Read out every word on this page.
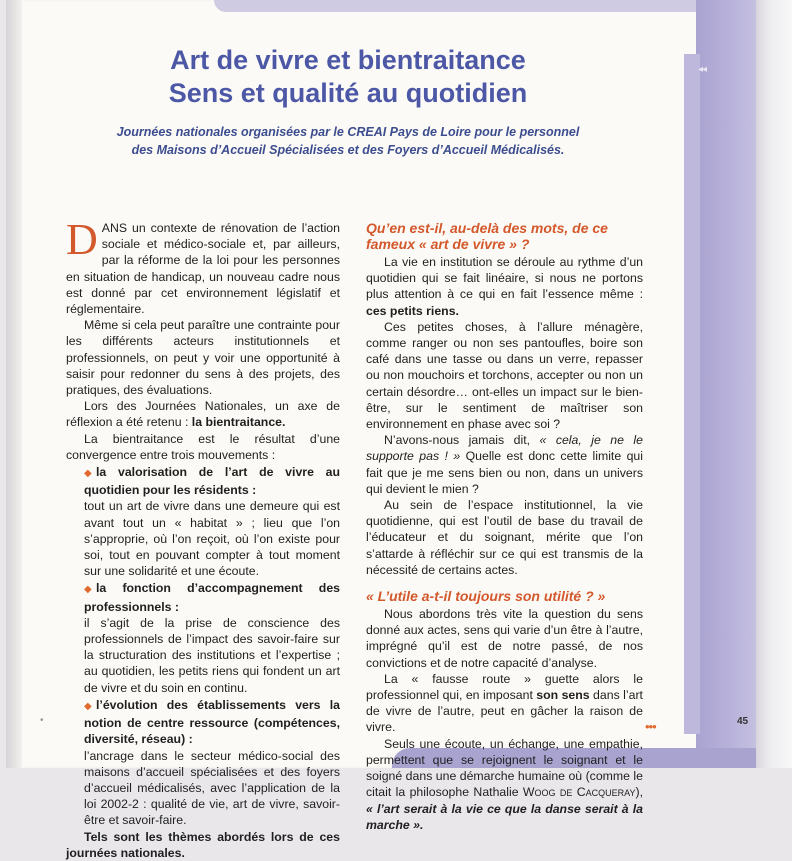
◂◂
•
Art de vivre et bientraitance
Sens et qualité au quotidien
Journées nationales organisées par le CREAI Pays de Loire pour le personnel
des Maisons d’Accueil Spécialisées et des Foyers d’Accueil Médicalisés.

DANS un contexte de rénovation de l’action sociale et médico-sociale et, par ailleurs, par la réforme de la loi pour les personnes en situation de handicap, un nouveau cadre nous est donné par cet environnement législatif et réglementaire.

Même si cela peut paraître une contrainte pour les différents acteurs institutionnels et professionnels, on peut y voir une opportunité à saisir pour redonner du sens à des projets, des pratiques, des évaluations.

Lors des Journées Nationales, un axe de réflexion a été retenu : la bientraitance.

La bientraitance est le résultat d’une convergence entre trois mouvements :

◆ la valorisation de l’art de vivre au quotidien pour les résidents :

tout un art de vivre dans une demeure qui est avant tout un « habitat » ; lieu que l’on s’approprie, où l’on reçoit, où l’on existe pour soi, tout en pouvant compter à tout moment sur une solidarité et une écoute.

◆ la fonction d’accompagnement des professionnels :

il s’agit de la prise de conscience des professionnels de l’impact des savoir-faire sur la structuration des institutions et l’expertise ; au quotidien, les petits riens qui fondent un art de vivre et du soin en continu.

◆ l’évolution des établissements vers la notion de centre ressource (compétences, diversité, réseau) :

l’ancrage dans le secteur médico-social des maisons d’accueil spécialisées et des foyers d’accueil médicalisés, avec l’application de la loi 2002-2 : qualité de vie, art de vivre, savoir-être et savoir-faire.

Tels sont les thèmes abordés lors de ces journées nationales.

Qu’en est-il, au-delà des mots, de ce fameux « art de vivre » ?

La vie en institution se déroule au rythme d’un quotidien qui se fait linéaire, si nous ne portons plus attention à ce qui en fait l’essence même : ces petits riens.

Ces petites choses, à l’allure ménagère, comme ranger ou non ses pantoufles, boire son café dans une tasse ou dans un verre, repasser ou non mouchoirs et torchons, accepter ou non un certain désordre… ont-elles un impact sur le bien-être, sur le sentiment de maîtriser son environnement en phase avec soi ?

N’avons-nous jamais dit, « cela, je ne le supporte pas ! » Quelle est donc cette limite qui fait que je me sens bien ou non, dans un univers qui devient le mien ?

Au sein de l’espace institutionnel, la vie quotidienne, qui est l’outil de base du travail de l’éducateur et du soignant, mérite que l’on s’attarde à réfléchir sur ce qui est transmis de la nécessité de certains actes.

« L’utile a-t-il toujours son utilité ? »

Nous abordons très vite la question du sens donné aux actes, sens qui varie d’un être à l’autre, imprégné qu’il est de notre passé, de nos convictions et de notre capacité d’analyse.

La « fausse route » guette alors le professionnel qui, en imposant son sens dans l’art de vivre de l’autre, peut en gâcher la raison de vivre.

Seuls une écoute, un échange, une empathie, permettent que se rejoignent le soignant et le soigné dans une démarche humaine où (comme le citait la philosophe Nathalie Woog de Cacqueray), « l’art serait à la vie ce que la danse serait à la marche ».

•••	45
